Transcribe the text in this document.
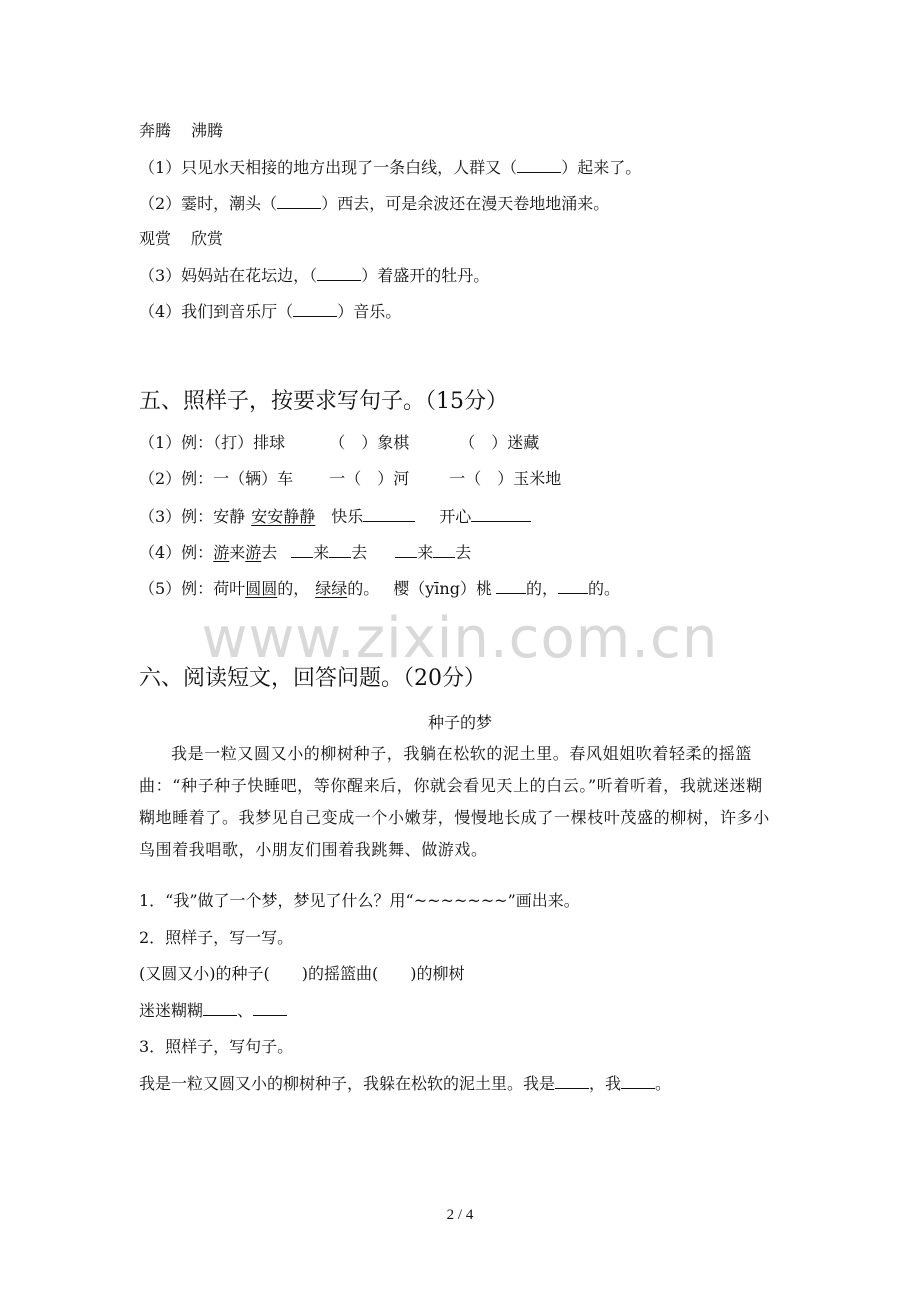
奔腾 沸腾
（1）只见水天相接的地方出现了一条白线，人群又（	）起来了。
（2）霎时，潮头（	）西去，可是余波还在漫天卷地地涌来。
观赏 欣赏
（3）妈妈站在花坛边，（	）着盛开的牡丹。
（4）我们到音乐厅（	）音乐。
五、照样子，按要求写句子。（15分）
（1）例：（打）排球	（　）象棋	（　）迷藏
（2）例：一（辆）车 一（　）河	一（　）玉米地
（3）例：安静 安安静静 快乐	开心
（4）例：游来游去 来 去	来 去
（5）例：荷叶圆圆的， 绿绿的。 樱（yīng）桃 的， 的。
www.zixin.com.cn
六、阅读短文，回答问题。（20分）
种子的梦
我是一粒又圆又小的柳树种子，我躺在松软的泥土里。春风姐姐吹着轻柔的摇篮曲：“种子种子快睡吧，等你醒来后，你就会看见天上的白云。”听着听着，我就迷迷糊糊地睡着了。我梦见自己变成一个小嫩芽，慢慢地长成了一棵枝叶茂盛的柳树，许多小鸟围着我唱歌，小朋友们围着我跳舞、做游戏。
1．“我”做了一个梦，梦见了什么？用“~~~~~~~”画出来。
2．照样子，写一写。
(又圆又小)的种子( )的摇篮曲( )的柳树
迷迷糊糊 、
3．照样子，写句子。
我是一粒又圆又小的柳树种子，我躲在松软的泥土里。我是 ，我 。
2 / 4
